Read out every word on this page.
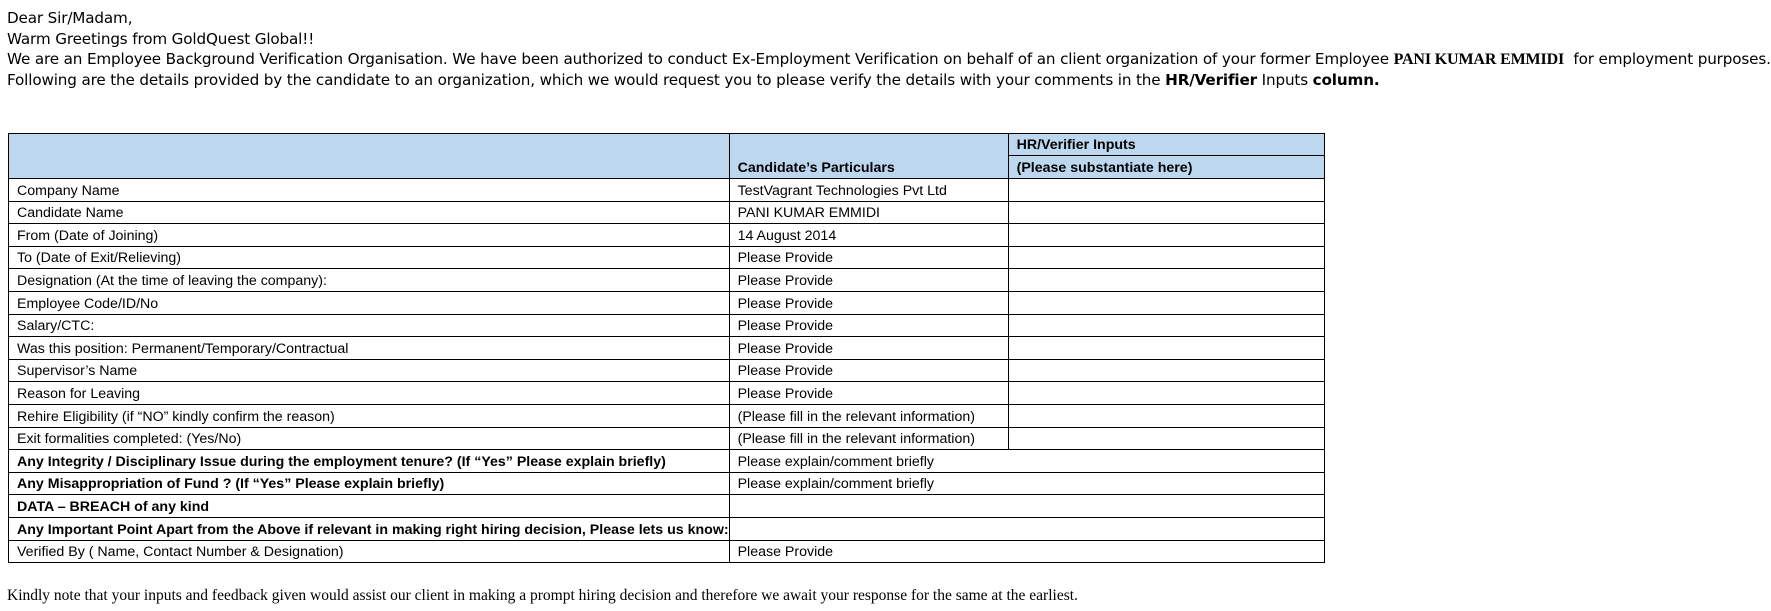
Dear Sir/Madam,
Warm Greetings from GoldQuest Global!!
We are an Employee Background Verification Organisation. We have been authorized to conduct Ex-Employment Verification on behalf of an client organization of your former Employee PANI KUMAR EMMIDI  for employment purposes.
Following are the details provided by the candidate to an organization, which we would request you to please verify the details with your comments in the HR/Verifier Inputs column.
	Candidate’s Particulars	HR/Verifier Inputs
		(Please substantiate here)
Company Name	TestVagrant Technologies Pvt Ltd	
Candidate Name	PANI KUMAR EMMIDI	
From (Date of Joining)	14 August 2014	
To (Date of Exit/Relieving)	Please Provide	
Designation (At the time of leaving the company):	Please Provide	
Employee Code/ID/No	Please Provide	
Salary/CTC:	Please Provide	
Was this position: Permanent/Temporary/Contractual	Please Provide	
Supervisor’s Name	Please Provide	
Reason for Leaving	Please Provide	
Rehire Eligibility (if “NO” kindly confirm the reason)	(Please fill in the relevant information)	
Exit formalities completed: (Yes/No)	(Please fill in the relevant information)	
Any Integrity / Disciplinary Issue during the employment tenure? (If “Yes” Please explain briefly)	Please explain/comment briefly	
Any Misappropriation of Fund ? (If “Yes” Please explain briefly)	Please explain/comment briefly	
DATA – BREACH of any kind		
Any Important Point Apart from the Above if relevant in making right hiring decision, Please lets us know:		
Verified By ( Name, Contact Number & Designation)	Please Provide	
Kindly note that your inputs and feedback given would assist our client in making a prompt hiring decision and therefore we await your response for the same at the earliest.
